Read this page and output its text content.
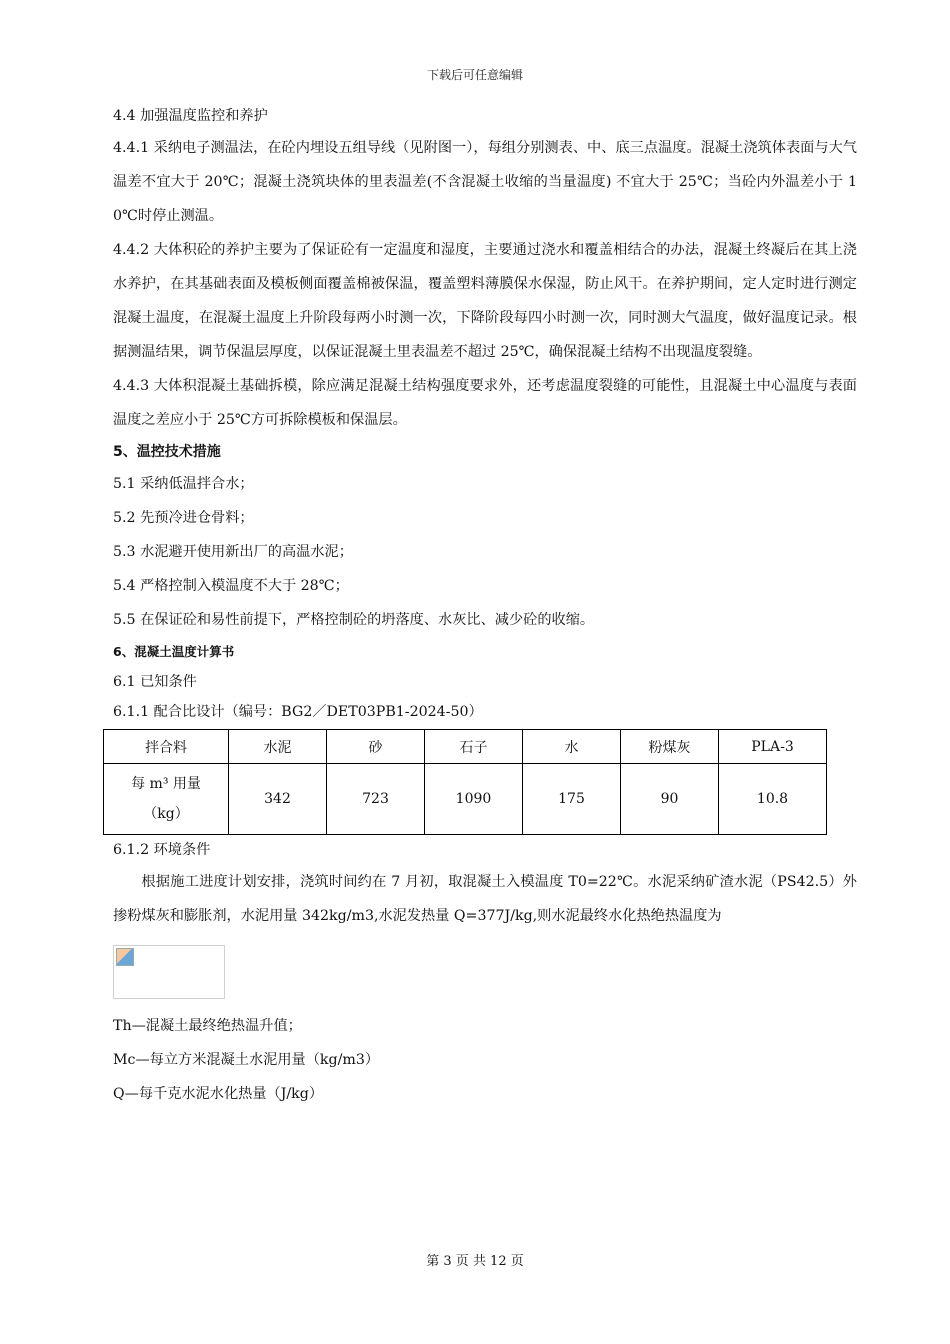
下载后可任意编辑

4.4 加强温度监控和养护

4.4.1 采纳电子测温法，在砼内埋设五组导线（见附图一），每组分别测表、中、底三点温度。混凝土浇筑体表面与大气温差不宜大于 20℃；混凝土浇筑块体的里表温差(不含混凝土收缩的当量温度) 不宜大于 25℃；当砼内外温差小于 10℃时停止测温。

4.4.2 大体积砼的养护主要为了保证砼有一定温度和湿度，主要通过浇水和覆盖相结合的办法，混凝土终凝后在其上浇水养护，在其基础表面及模板侧面覆盖棉被保温，覆盖塑料薄膜保水保湿，防止风干。在养护期间，定人定时进行测定混凝土温度，在混凝土温度上升阶段每两小时测一次，下降阶段每四小时测一次，同时测大气温度，做好温度记录。根据测温结果，调节保温层厚度，以保证混凝土里表温差不超过 25℃，确保混凝土结构不出现温度裂缝。

4.4.3 大体积混凝土基础拆模，除应满足混凝土结构强度要求外，还考虑温度裂缝的可能性，且混凝土中心温度与表面温度之差应小于 25℃方可拆除模板和保温层。

5、温控技术措施

5.1 采纳低温拌合水；

5.2 先预冷进仓骨料；

5.3 水泥避开使用新出厂的高温水泥；

5.4 严格控制入模温度不大于 28℃；

5.5 在保证砼和易性前提下，严格控制砼的坍落度、水灰比、减少砼的收缩。

6、混凝土温度计算书

6.1 已知条件

6.1.1 配合比设计（编号：BG2／DET03PB1-2024-50）

拌合料	水泥	砂	石子	水	粉煤灰	PLA-3

每 m³ 用量
（kg）	342	723	1090	175	90	10.8

6.1.2 环境条件

根据施工进度计划安排，浇筑时间约在 7 月初，取混凝土入模温度 T0=22℃。水泥采纳矿渣水泥（PS42.5）外掺粉煤灰和膨胀剂，水泥用量 342kg/m3,水泥发热量 Q=377J/kg,则水泥最终水化热绝热温度为

Th—混凝土最终绝热温升值；

Mc—每立方米混凝土水泥用量（kg/m3）

Q—每千克水泥水化热量（J/kg）

第 3 页 共 12 页
